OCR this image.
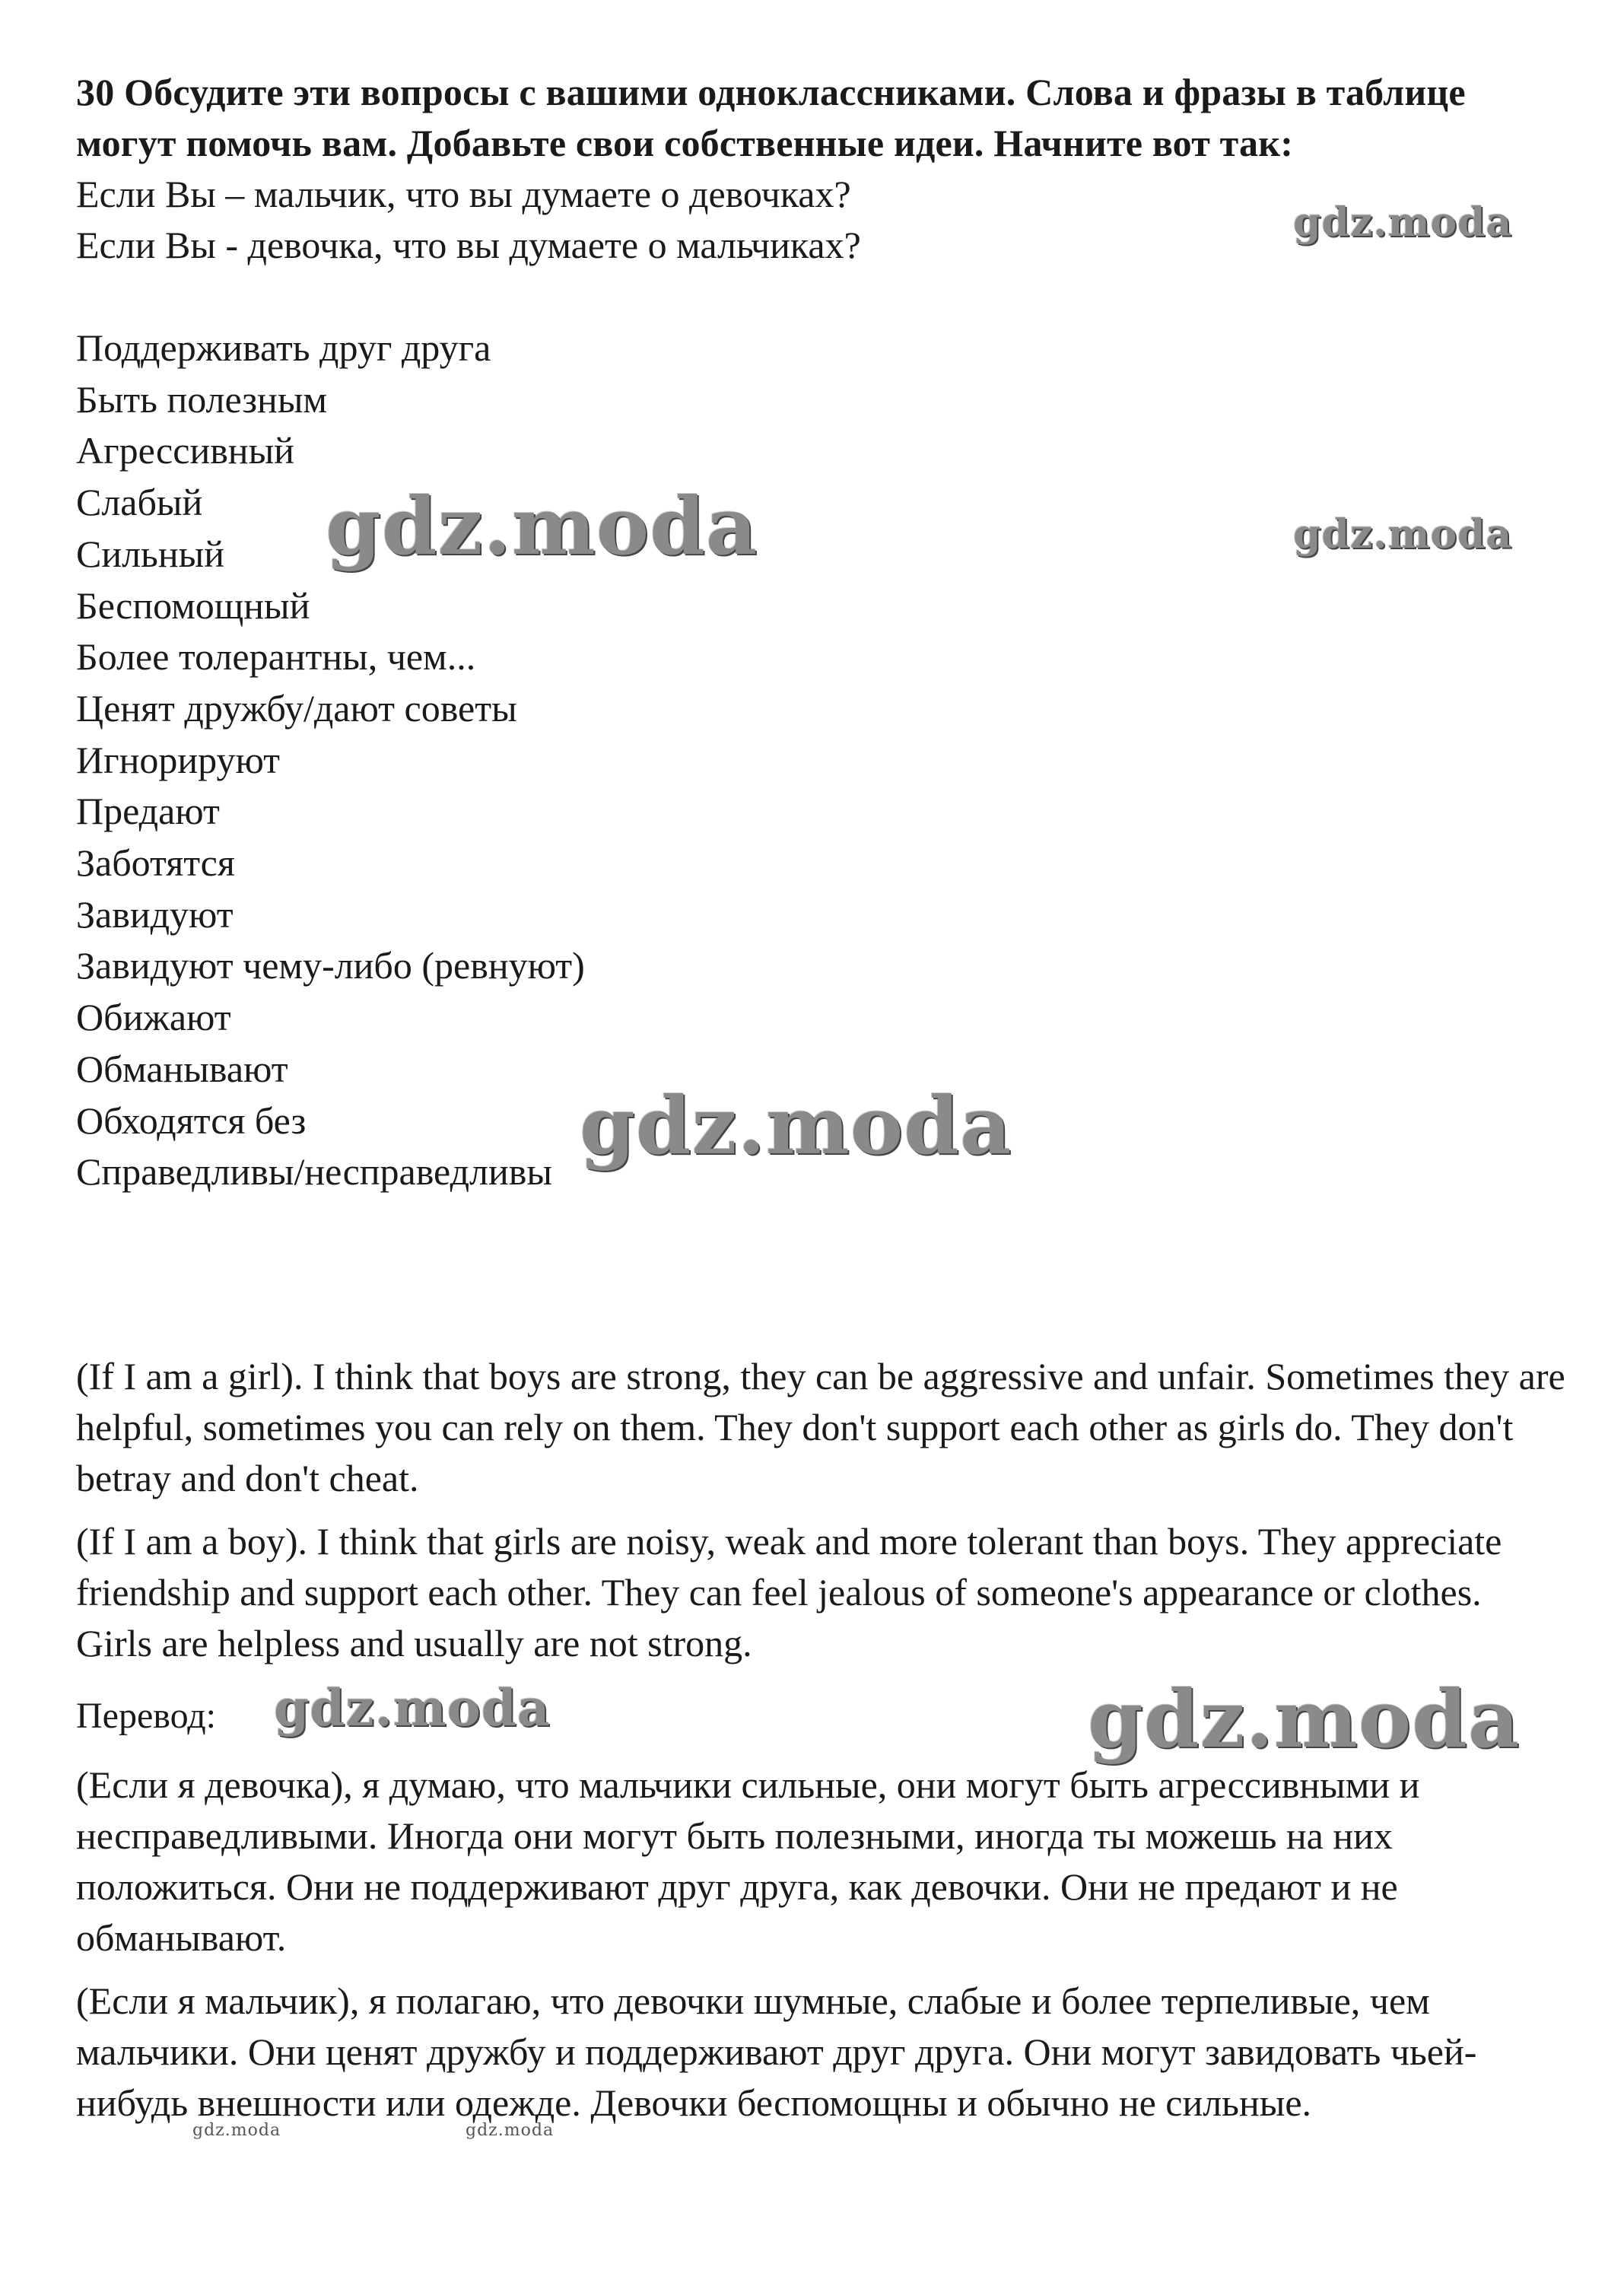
30 Обсудите эти вопросы с вашими одноклассниками. Слова и фразы в таблице могут помочь вам. Добавьте свои собственные идеи. Начните вот так:

Если Вы – мальчик, что вы думаете о девочках?

Если Вы - девочка, что вы думаете о мальчиках?

Поддерживать друг друга

Быть полезным

Агрессивный

Слабый

Сильный

Беспомощный

Более толерантны, чем...

Ценят дружбу/дают советы

Игнорируют

Предают

Заботятся

Завидуют

Завидуют чему-либо (ревнуют)

Обижают

Обманывают

Обходятся без

Справедливы/несправедливы

(If I am a girl). I think that boys are strong, they can be aggressive and unfair. Sometimes they are helpful, sometimes you can rely on them. They don't support each other as girls do. They don't betray and don't cheat.

(If I am a boy). I think that girls are noisy, weak and more tolerant than boys. They appreciate friendship and support each other. They can feel jealous of someone's appearance or clothes. Girls are helpless and usually are not strong.

Перевод:

(Если я девочка), я думаю, что мальчики сильные, они могут быть агрессивными и несправедливыми. Иногда они могут быть полезными, иногда ты можешь на них положиться. Они не поддерживают друг друга, как девочки. Они не предают и не обманывают.

(Если я мальчик), я полагаю, что девочки шумные, слабые и более терпеливые, чем мальчики. Они ценят дружбу и поддерживают друг друга. Они могут завидовать чьей-нибудь внешности или одежде. Девочки беспомощны и обычно не сильные.

gdz.moda
gdz.moda	gdz.moda
gdz.moda
gdz.moda	gdz.moda
gdz.moda	gdz.moda
